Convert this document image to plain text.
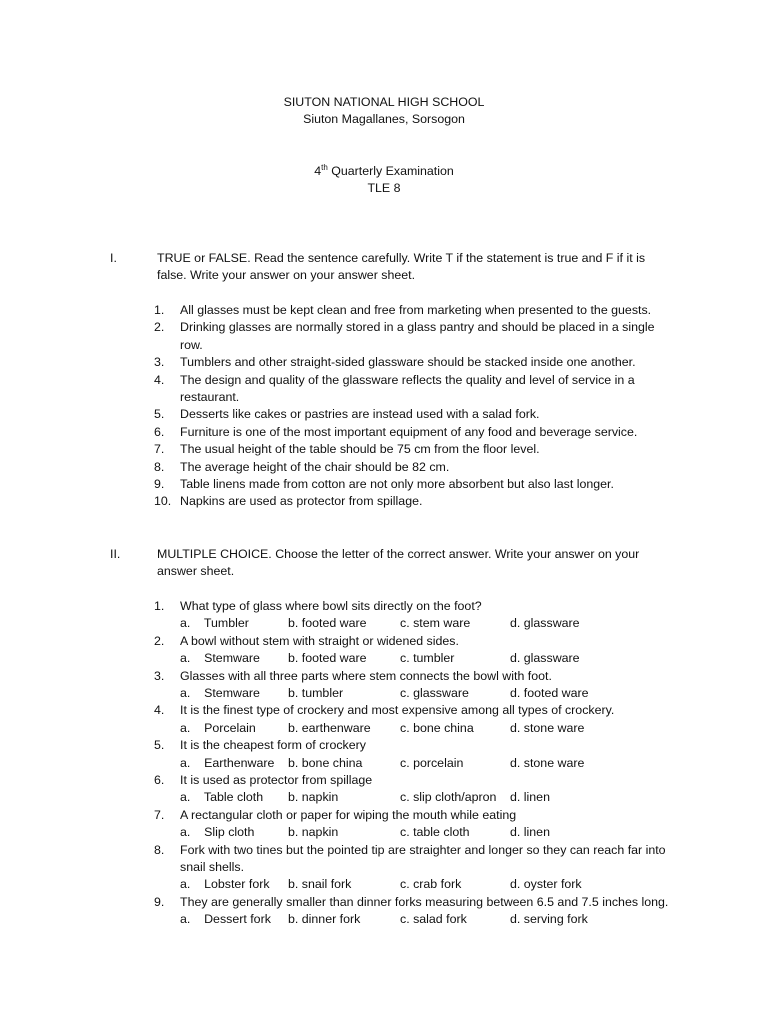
SIUTON NATIONAL HIGH SCHOOL
Siuton Magallanes, Sorsogon
4th Quarterly Examination
TLE 8
I.	TRUE or FALSE. Read the sentence carefully. Write T if the statement is true and F if it is false. Write your answer on your answer sheet.
1. All glasses must be kept clean and free from marketing when presented to the guests.
2. Drinking glasses are normally stored in a glass pantry and should be placed in a single row.
3. Tumblers and other straight-sided glassware should be stacked inside one another.
4. The design and quality of the glassware reflects the quality and level of service in a restaurant.
5. Desserts like cakes or pastries are instead used with a salad fork.
6. Furniture is one of the most important equipment of any food and beverage service.
7. The usual height of the table should be 75 cm from the floor level.
8. The average height of the chair should be 82 cm.
9. Table linens made from cotton are not only more absorbent but also last longer.
10. Napkins are used as protector from spillage.
II.	MULTIPLE CHOICE. Choose the letter of the correct answer. Write your answer on your answer sheet.
1. What type of glass where bowl sits directly on the foot?
a.    Tumbler	b. footed ware	c. stem ware	d. glassware
2. A bowl without stem with straight or widened sides.
a.    Stemware b. footed ware	c. tumbler	d. glassware
3. Glasses with all three parts where stem connects the bowl with foot.
a.    Stemware b. tumbler	c. glassware	d. footed ware
4. It is the finest type of crockery and most expensive among all types of crockery.
a.    Porcelain	b. earthenware c. bone china	d. stone ware
5. It is the cheapest form of crockery
a.    Earthenware b. bone china	c. porcelain	d. stone ware
6. It is used as protector from spillage
a.    Table cloth b. napkin	c. slip cloth/apron d. linen
7. A rectangular cloth or paper for wiping the mouth while eating
a.    Slip cloth	b. napkin	c. table cloth	d. linen
8. Fork with two tines but the pointed tip are straighter and longer so they can reach far into snail shells.
a.    Lobster fork b. snail fork	c. crab fork	d. oyster fork
9. They are generally smaller than dinner forks measuring between 6.5 and 7.5 inches long.
a.    Dessert fork b. dinner fork	c. salad fork	d. serving fork
